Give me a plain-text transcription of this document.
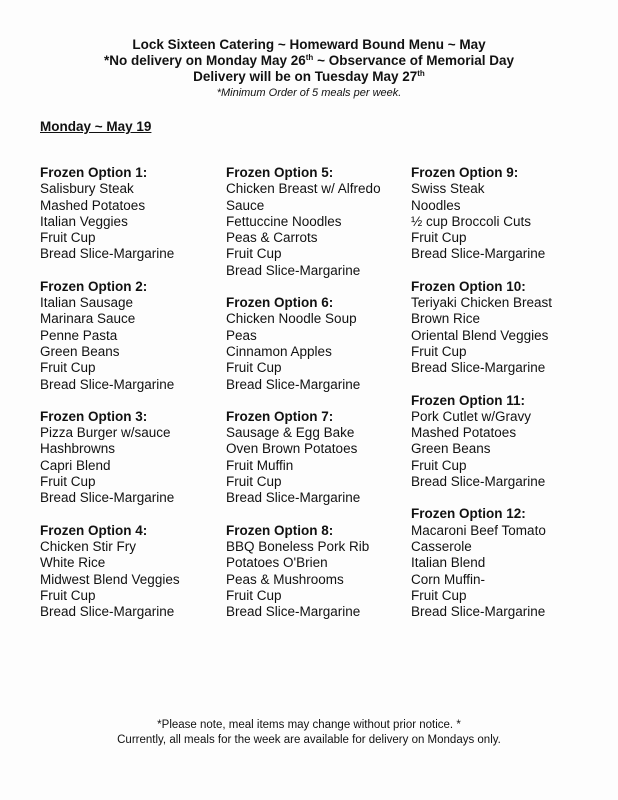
Lock Sixteen Catering ~ Homeward Bound Menu ~ May
*No delivery on Monday May 26th ~ Observance of Memorial Day
Delivery will be on Tuesday May 27th
*Minimum Order of 5 meals per week.
Monday ~ May 19
Frozen Option 1:
Salisbury Steak
Mashed Potatoes
Italian Veggies
Fruit Cup
Bread Slice-Margarine
Frozen Option 2:
Italian Sausage
Marinara Sauce
Penne Pasta
Green Beans
Fruit Cup
Bread Slice-Margarine
Frozen Option 3:
Pizza Burger w/sauce
Hashbrowns
Capri Blend
Fruit Cup
Bread Slice-Margarine
Frozen Option 4:
Chicken Stir Fry
White Rice
Midwest Blend Veggies
Fruit Cup
Bread Slice-Margarine
Frozen Option 5:
Chicken Breast w/ Alfredo
Sauce
Fettuccine Noodles
Peas & Carrots
Fruit Cup
Bread Slice-Margarine
Frozen Option 6:
Chicken Noodle Soup
Peas
Cinnamon Apples
Fruit Cup
Bread Slice-Margarine
Frozen Option 7:
Sausage & Egg Bake
Oven Brown Potatoes
Fruit Muffin
Fruit Cup
Bread Slice-Margarine
Frozen Option 8:
BBQ Boneless Pork Rib
Potatoes O'Brien
Peas & Mushrooms
Fruit Cup
Bread Slice-Margarine
Frozen Option 9:
Swiss Steak
Noodles
½ cup Broccoli Cuts
Fruit Cup
Bread Slice-Margarine
Frozen Option 10:
Teriyaki Chicken Breast
Brown Rice
Oriental Blend Veggies
Fruit Cup
Bread Slice-Margarine
Frozen Option 11:
Pork Cutlet w/Gravy
Mashed Potatoes
Green Beans
Fruit Cup
Bread Slice-Margarine
Frozen Option 12:
Macaroni Beef Tomato
Casserole
Italian Blend
Corn Muffin-
Fruit Cup
Bread Slice-Margarine
*Please note, meal items may change without prior notice. *
Currently, all meals for the week are available for delivery on Mondays only.
